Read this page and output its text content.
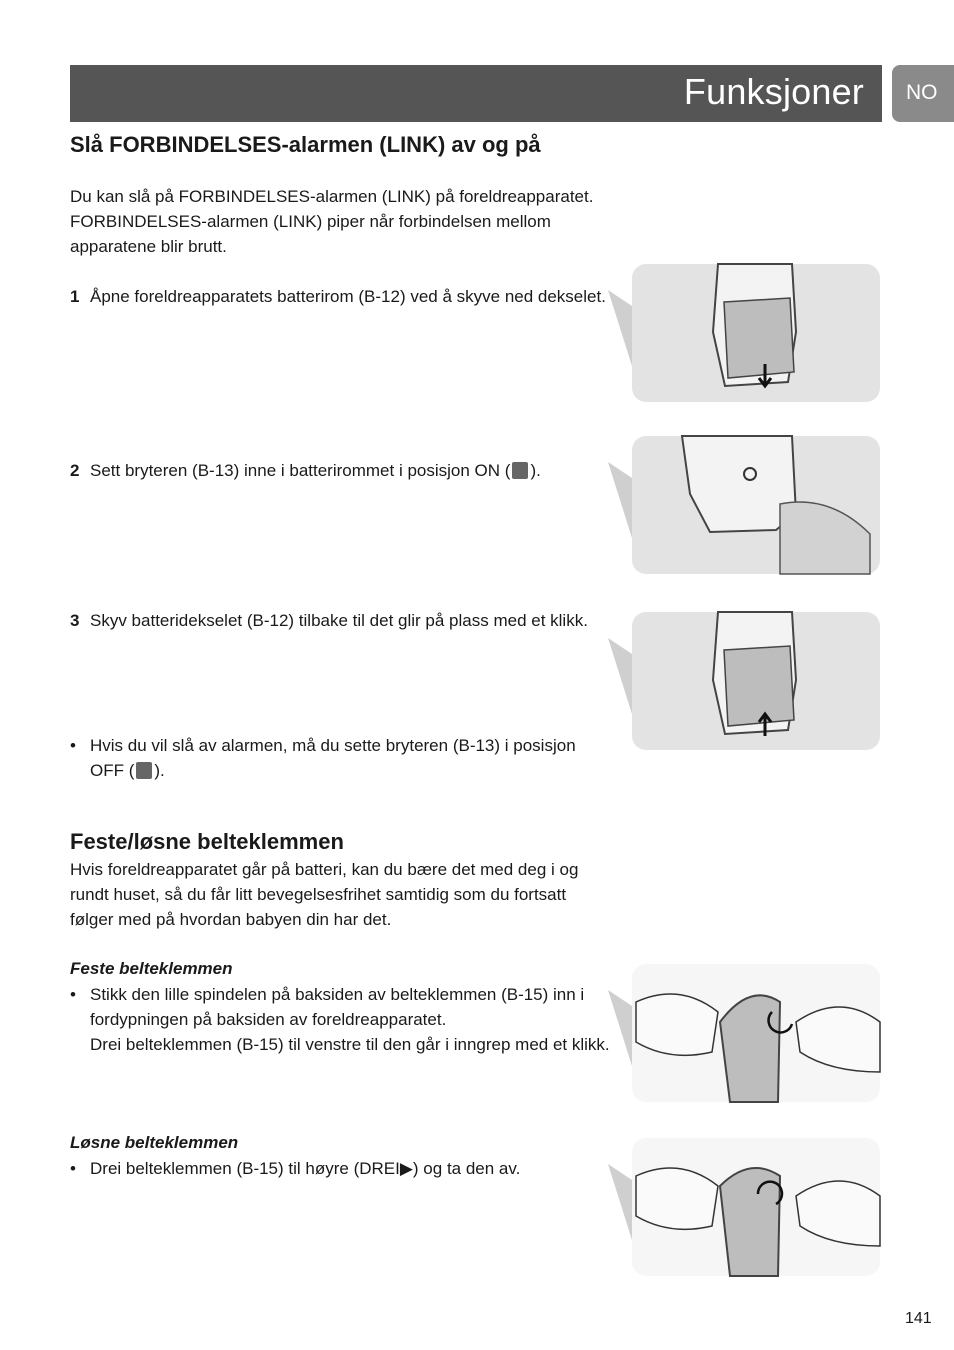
Funksjoner NO
Slå FORBINDELSES-alarmen (LINK) av og på
Du kan slå på FORBINDELSES-alarmen (LINK) på foreldreapparatet. FORBINDELSES-alarmen (LINK) piper når forbindelsen mellom apparatene blir brutt.
1 Åpne foreldreapparatets batterirom (B-12) ved å skyve ned dekselet.
2 Sett bryteren (B-13) inne i batterirommet i posisjon ON ( ).
3 Skyv batteridekselet (B-12) tilbake til det glir på plass med et klikk.
• Hvis du vil slå av alarmen, må du sette bryteren (B-13) i posisjon OFF ( ).
Feste/løsne belteklemmen
Hvis foreldreapparatet går på batteri, kan du bære det med deg i og rundt huset, så du får litt bevegelsesfrihet samtidig som du fortsatt følger med på hvordan babyen din har det.
Feste belteklemmen
• Stikk den lille spindelen på baksiden av belteklemmen (B-15) inn i fordypningen på baksiden av foreldreapparatet.
Drei belteklemmen (B-15) til venstre til den går i inngrep med et klikk.
Løsne belteklemmen
• Drei belteklemmen (B-15) til høyre (DREI▶) og ta den av.
141
